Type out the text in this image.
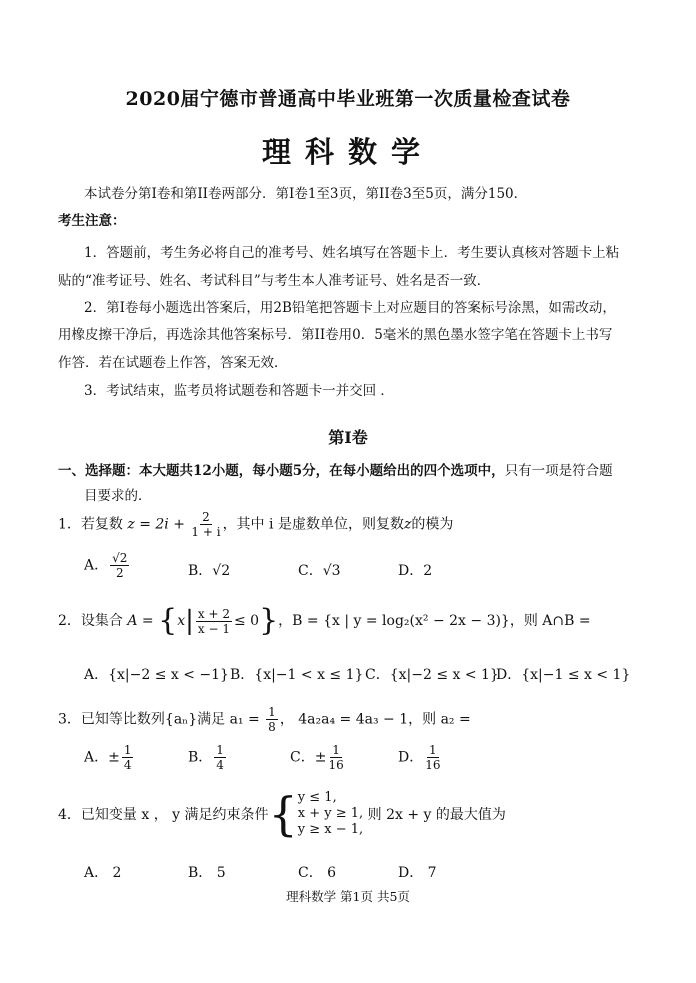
2020届宁德市普通高中毕业班第一次质量检查试卷
理科数学
本试卷分第I卷和第II卷两部分．第I卷1至3页，第II卷3至5页，满分150．
考生注意：
1．答题前，考生务必将自己的准考号、姓名填写在答题卡上．考生要认真核对答题卡上粘
贴的“准考证号、姓名、考试科目”与考生本人准考证号、姓名是否一致．
2．第I卷每小题选出答案后，用2B铅笔把答题卡上对应题目的答案标号涂黑，如需改动，
用橡皮擦干净后，再选涂其他答案标号．第II卷用0．5毫米的黑色墨水签字笔在答题卡上书写
作答．若在试题卷上作答，答案无效．
3．考试结束，监考员将试题卷和答题卡一并交回 ．
第I卷
一、选择题：本大题共12小题，每小题5分，在每小题给出的四个选项中，只有一项是符合题
目要求的．
1．若复数 $z = 2i + \frac{2}{1 + i}$ ，其中 i 是虚数单位，则复数z的模为
A． $\frac{√2}{2}$	B．√2	C．√3	D．2
2．设集合 $A = \{x| \frac{x + 2}{x - 1} \le 0\}$，B = {x | y = log₂(x² − 2x − 3)}，则 A∩B =
A．{x|−2 ≤ x < −1} B．{x|−1 < x ≤ 1} C．{x|−2 ≤ x < 1}
D．{x|−1 ≤ x < 1}
3．已知等比数列{aₙ}满足 $a_1 = \frac{1}{8}$ ， 4a₂a₄ = 4a₃ − 1，则 a₂ =
A．± $\frac{1}{4}$	B． $\frac{1}{4}$	C．± $\frac{1}{16}$	D． $\frac{1}{16}$
4．已知变量 x ， y 满足约束条件{ y ≤ 1,
x + y ≥ 1,
y ≥ x − 1,
则 2x + y 的最大值为
A． 2	B． 5	C． 6	D． 7
理科数学 第1页 共5页
